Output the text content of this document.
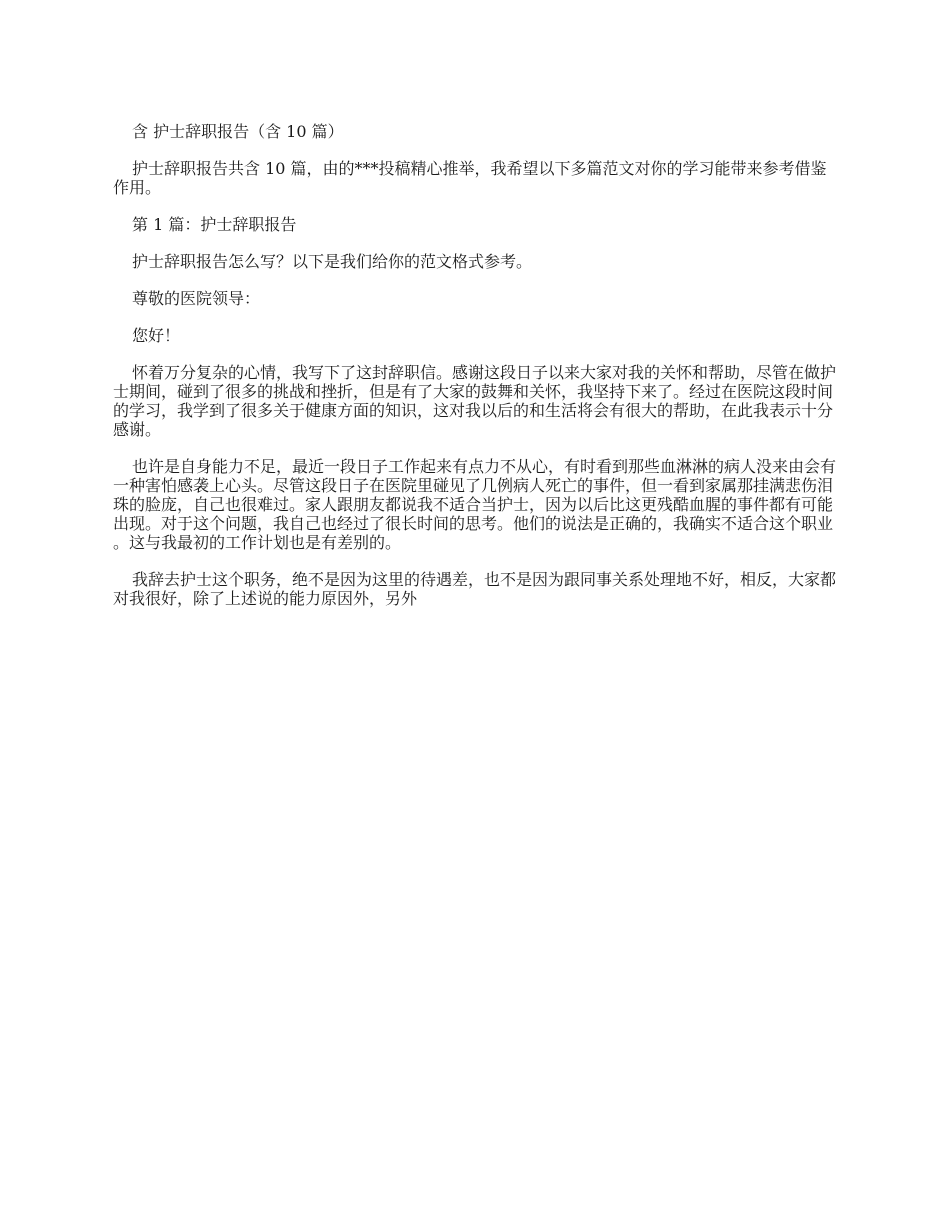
含 护士辞职报告（含 10 篇）

护士辞职报告共含 10 篇，由的***投稿精心推举，我希望以下多篇范文对你的学习能带来参考借鉴作用。

第 1 篇：护士辞职报告

护士辞职报告怎么写？以下是我们给你的范文格式参考。

尊敬的医院领导：

您好！

怀着万分复杂的心情，我写下了这封辞职信。感谢这段日子以来大家对我的关怀和帮助，尽管在做护士期间，碰到了很多的挑战和挫折，但是有了大家的鼓舞和关怀，我坚持下来了。经过在医院这段时间的学习，我学到了很多关于健康方面的知识，这对我以后的和生活将会有很大的帮助，在此我表示十分感谢。

也许是自身能力不足，最近一段日子工作起来有点力不从心，有时看到那些血淋淋的病人没来由会有一种害怕感袭上心头。尽管这段日子在医院里碰见了几例病人死亡的事件，但一看到家属那挂满悲伤泪珠的脸庞，自己也很难过。家人跟朋友都说我不适合当护士，因为以后比这更残酷血腥的事件都有可能出现。对于这个问题，我自己也经过了很长时间的思考。他们的说法是正确的，我确实不适合这个职业。这与我最初的工作计划也是有差别的。

我辞去护士这个职务，绝不是因为这里的待遇差，也不是因为跟同事关系处理地不好，相反，大家都对我很好，除了上述说的能力原因外，另外
